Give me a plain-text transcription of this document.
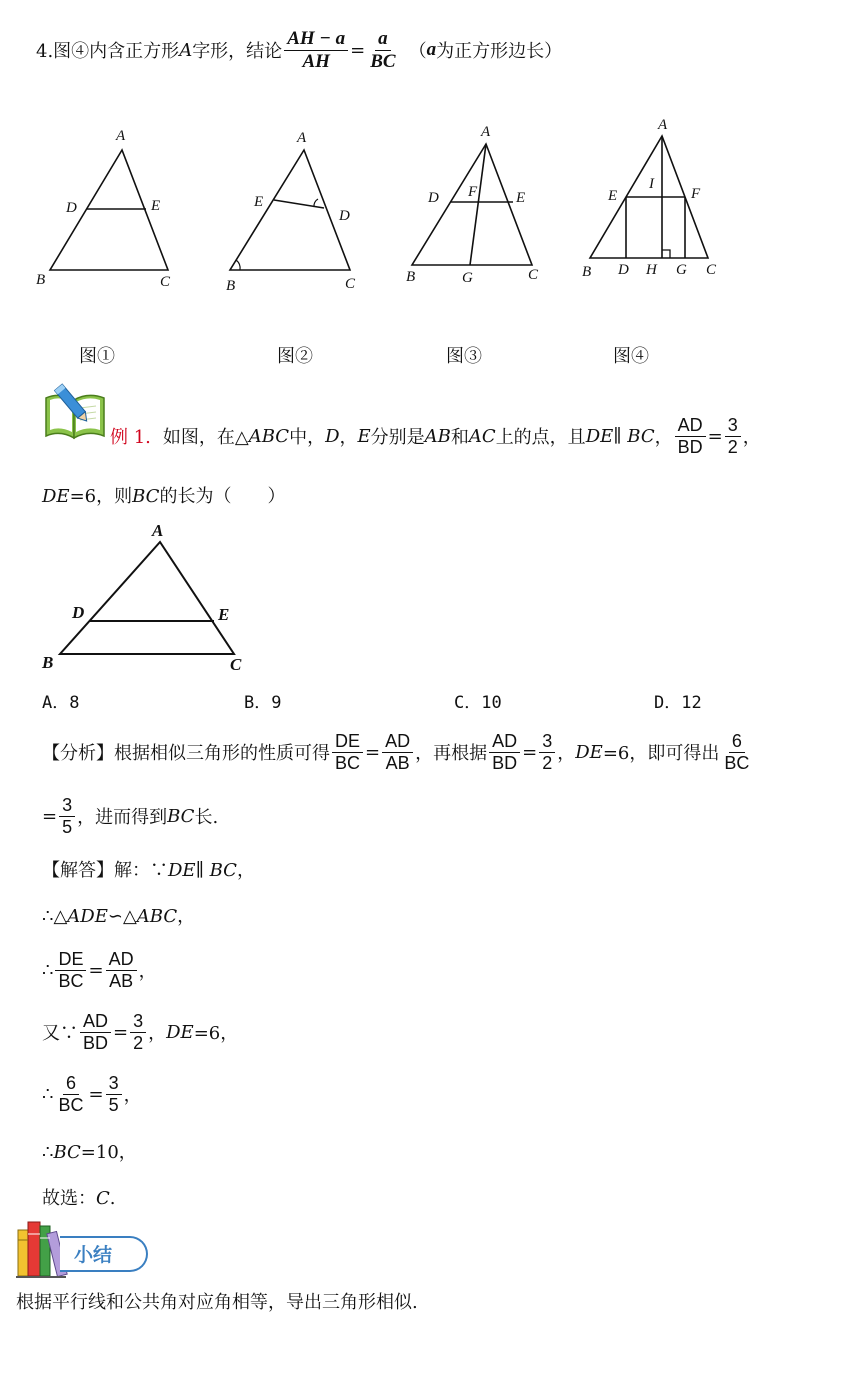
4.图④内含正方形 A 字形，结论 $\frac{AH - a}{AH} = \frac{a}{BC}$ （ a 为正方形边长）
A
D	E
B	C
A
E
D
B	C
A
D F	E
B	G	C
A
I
E	F
B D H G C
图①	图②	图③	图④
例 1. 如图，在△ ABC 中， D ， E 分别是 AB 和 AC 上的点，且 DE∥ BC ， $\frac{AD}{BD} = \frac{3}{2}$ ，
DE=6，则BC的长为（　　）
A
D	E
B	C
A．8	B．9	C．10	D．12
【分析】 根据相似三角形的性质可得 $\frac{DE}{BC} = \frac{AD}{AB}$ ，再根据 $\frac{AD}{BD} = \frac{3}{2}$ ， DE =6，即可得出 $\frac{6}{BC}$
= $\frac{3}{5}$ ，进而得到 BC 长.
【解答】解：∵DE∥ BC，
∴△ADE∽△ABC，
∴ $\frac{DE}{BC} = \frac{AD}{AB}$ ，
又∵ $\frac{AD}{BD} = \frac{3}{2}$ ， DE =6，
∴ $\frac{6}{BC} = \frac{3}{5}$ ，
∴BC=10，
故选：C.
小结
根据平行线和公共角对应角相等，导出三角形相似.
